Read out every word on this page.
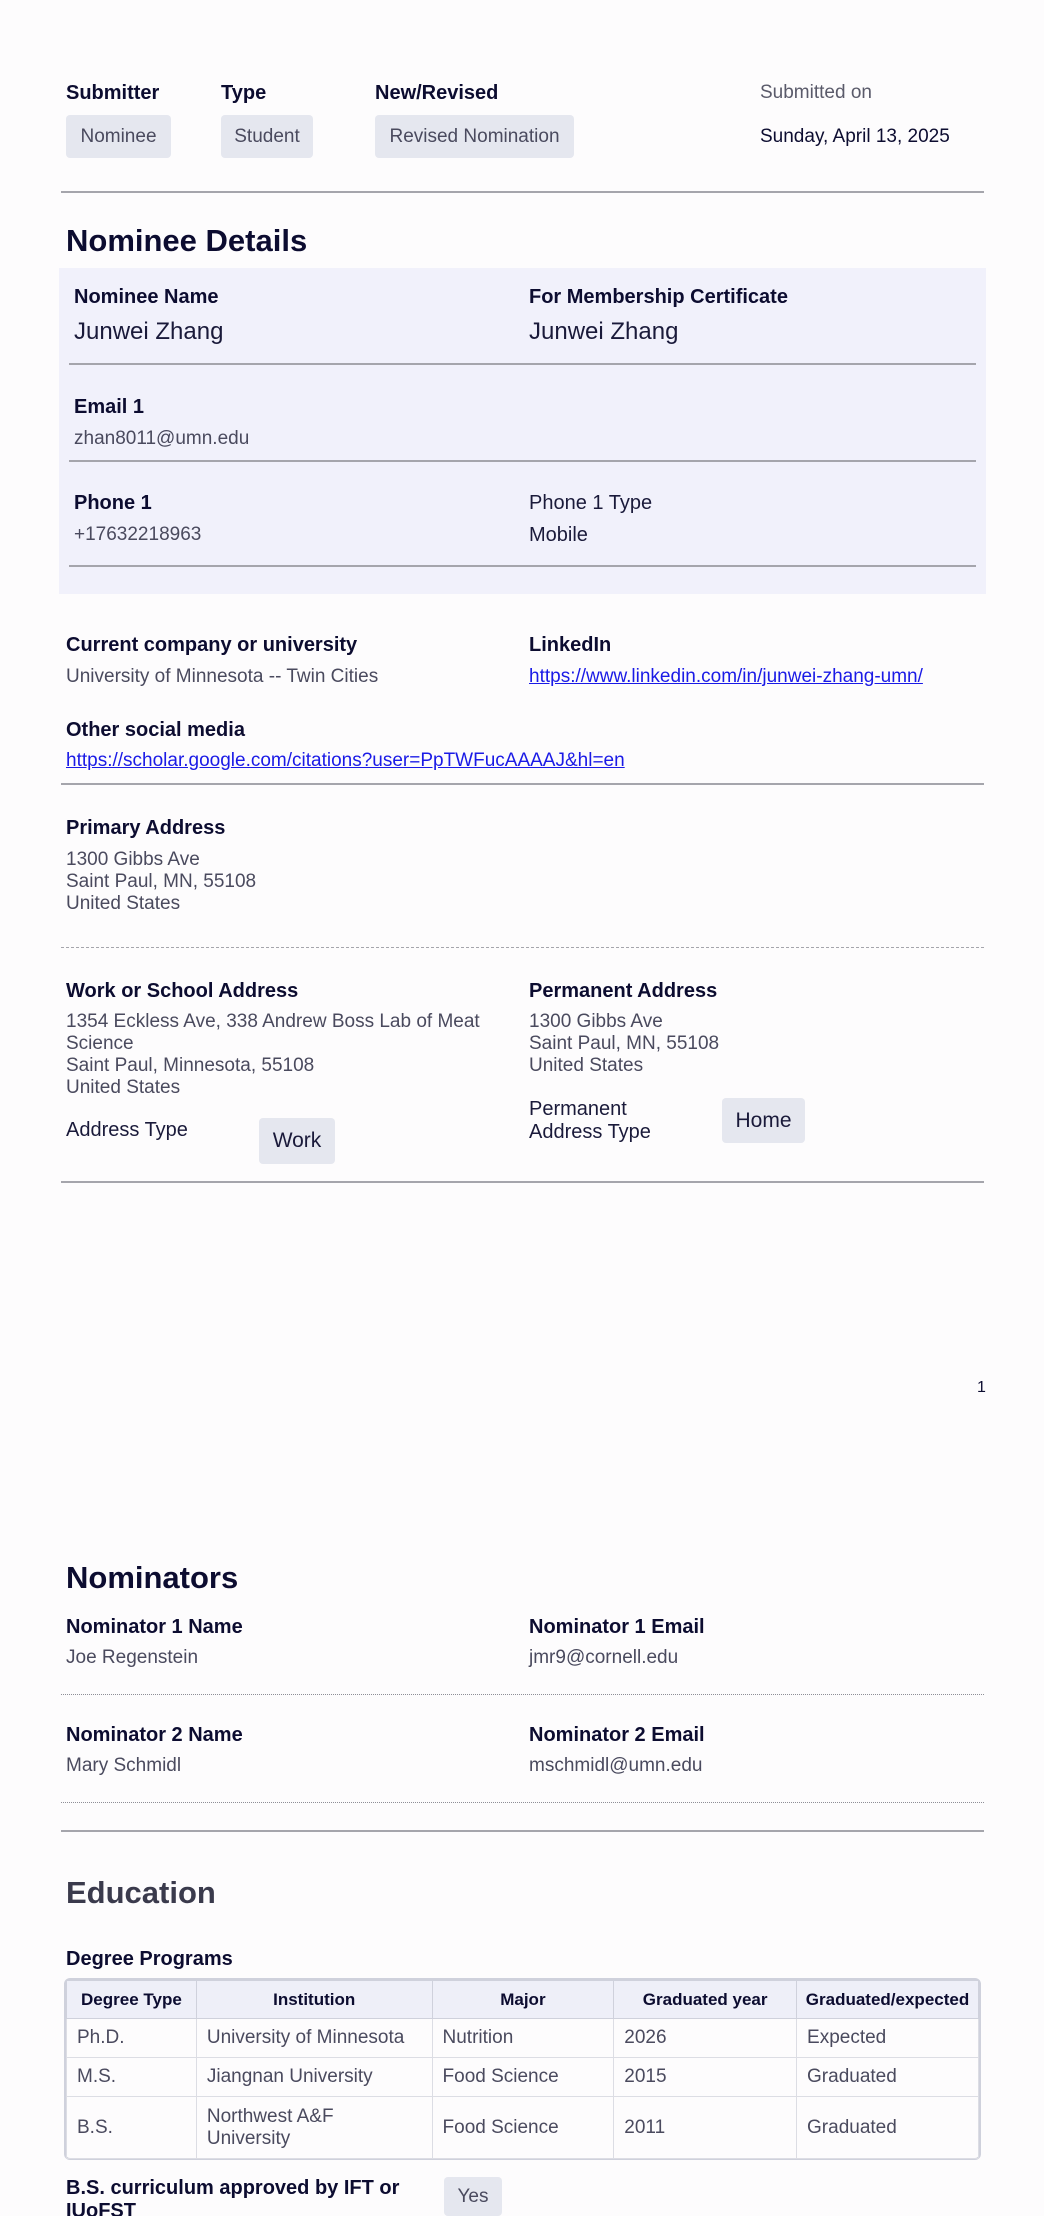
Submitter
Nominee
Type
Student
New/Revised
Revised Nomination
Submitted on
Sunday, April 13, 2025
Nominee Details
Nominee Name
Junwei Zhang
For Membership Certificate
Junwei Zhang
Email 1
zhan8011@umn.edu
Phone 1
+17632218963
Phone 1 Type
Mobile
Current company or university
University of Minnesota -- Twin Cities
LinkedIn
https://www.linkedin.com/in/junwei-zhang-umn/
Other social media
https://scholar.google.com/citations?user=PpTWFucAAAAJ&hl=en
Primary Address
1300 Gibbs Ave
Saint Paul, MN, 55108
United States
Work or School Address
1354 Eckless Ave, 338 Andrew Boss Lab of Meat
Science
Saint Paul, Minnesota, 55108
United States
Address Type	Work
Permanent Address
1300 Gibbs Ave
Saint Paul, MN, 55108
United States
Permanent
Address Type
Home
1
Nominators
Nominator 1 Name
Joe Regenstein
Nominator 1 Email
jmr9@cornell.edu
Nominator 2 Name
Mary Schmidl
Nominator 2 Email
mschmidl@umn.edu
Education
Degree Programs
Degree Type	Institution	Major	Graduated year	Graduated/expected
Ph.D.	University of Minnesota	Nutrition	2026	Expected
M.S.	Jiangnan University	Food Science	2015	Graduated
B.S.	Northwest A&F University	Food Science	2011	Graduated
B.S. curriculum approved by IFT or
IUoFST
Yes
